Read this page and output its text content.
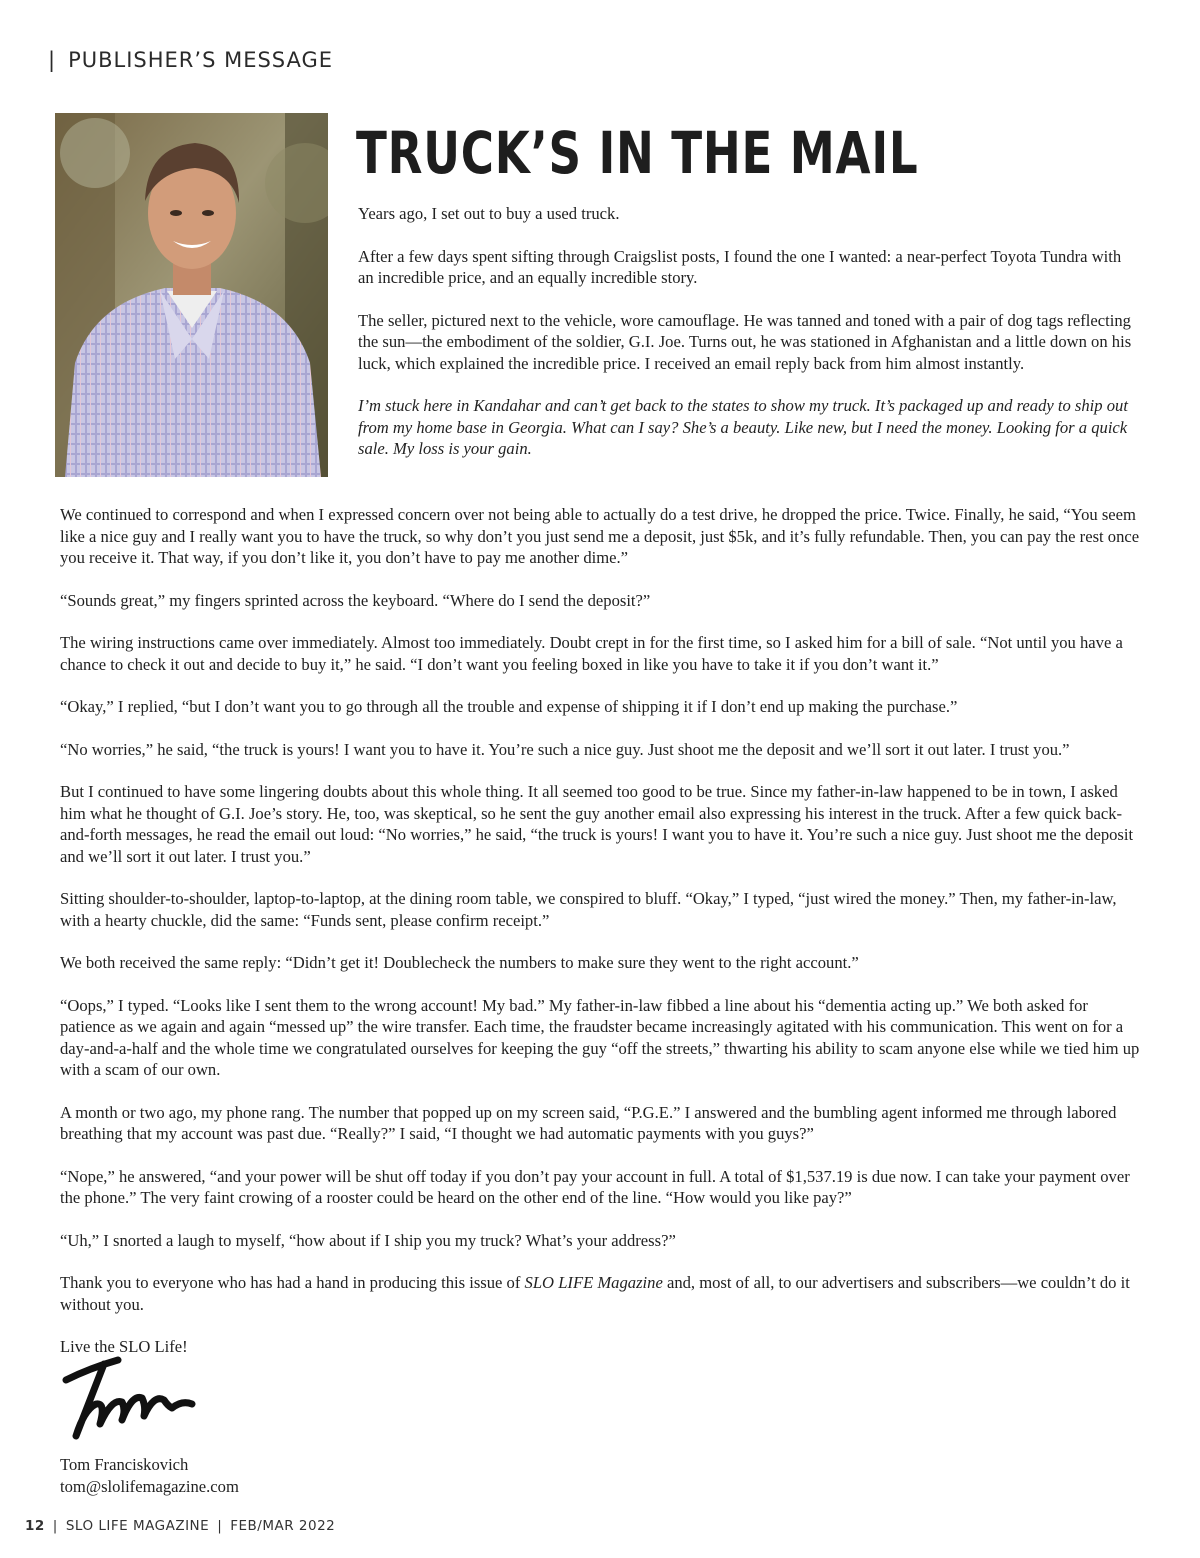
| PUBLISHER’S MESSAGE
TRUCK’S IN THE MAIL

Years ago, I set out to buy a used truck.

After a few days spent sifting through Craigslist posts, I found the one I wanted: a near-perfect Toyota Tundra with an incredible price, and an equally incredible story.

The seller, pictured next to the vehicle, wore camouflage. He was tanned and toned with a pair of dog tags reflecting the sun—the embodiment of the soldier, G.I. Joe. Turns out, he was stationed in Afghanistan and a little down on his luck, which explained the incredible price. I received an email reply back from him almost instantly.

I’m stuck here in Kandahar and can’t get back to the states to show my truck. It’s packaged up and ready to ship out from my home base in Georgia. What can I say? She’s a beauty. Like new, but I need the money. Looking for a quick sale. My loss is your gain.

We continued to correspond and when I expressed concern over not being able to actually do a test drive, he dropped the price. Twice. Finally, he said, “You seem like a nice guy and I really want you to have the truck, so why don’t you just send me a deposit, just $5k, and it’s fully refundable. Then, you can pay the rest once you receive it. That way, if you don’t like it, you don’t have to pay me another dime.”

“Sounds great,” my fingers sprinted across the keyboard. “Where do I send the deposit?”

The wiring instructions came over immediately. Almost too immediately. Doubt crept in for the first time, so I asked him for a bill of sale. “Not until you have a chance to check it out and decide to buy it,” he said. “I don’t want you feeling boxed in like you have to take it if you don’t want it.”

“Okay,” I replied, “but I don’t want you to go through all the trouble and expense of shipping it if I don’t end up making the purchase.”

“No worries,” he said, “the truck is yours! I want you to have it. You’re such a nice guy. Just shoot me the deposit and we’ll sort it out later. I trust you.”

But I continued to have some lingering doubts about this whole thing. It all seemed too good to be true. Since my father-in-law happened to be in town, I asked him what he thought of G.I. Joe’s story. He, too, was skeptical, so he sent the guy another email also expressing his interest in the truck. After a few quick back-and-forth messages, he read the email out loud: “No worries,” he said, “the truck is yours! I want you to have it. You’re such a nice guy. Just shoot me the deposit and we’ll sort it out later. I trust you.”

Sitting shoulder-to-shoulder, laptop-to-laptop, at the dining room table, we conspired to bluff. “Okay,” I typed, “just wired the money.” Then, my father-in-law, with a hearty chuckle, did the same: “Funds sent, please confirm receipt.”

We both received the same reply: “Didn’t get it! Doublecheck the numbers to make sure they went to the right account.”

“Oops,” I typed. “Looks like I sent them to the wrong account! My bad.” My father-in-law fibbed a line about his “dementia acting up.” We both asked for patience as we again and again “messed up” the wire transfer. Each time, the fraudster became increasingly agitated with his communication. This went on for a day-and-a-half and the whole time we congratulated ourselves for keeping the guy “off the streets,” thwarting his ability to scam anyone else while we tied him up with a scam of our own.

A month or two ago, my phone rang. The number that popped up on my screen said, “P.G.E.” I answered and the bumbling agent informed me through labored breathing that my account was past due. “Really?” I said, “I thought we had automatic payments with you guys?”

“Nope,” he answered, “and your power will be shut off today if you don’t pay your account in full. A total of $1,537.19 is due now. I can take your payment over the phone.” The very faint crowing of a rooster could be heard on the other end of the line. “How would you like pay?”

“Uh,” I snorted a laugh to myself, “how about if I ship you my truck? What’s your address?”

Thank you to everyone who has had a hand in producing this issue of SLO LIFE Magazine and, most of all, to our advertisers and subscribers—we couldn’t do it without you.

Live the SLO Life!

Tom Franciskovich
tom@slolifemagazine.com
12 | SLO LIFE MAGAZINE | FEB/MAR 2022
